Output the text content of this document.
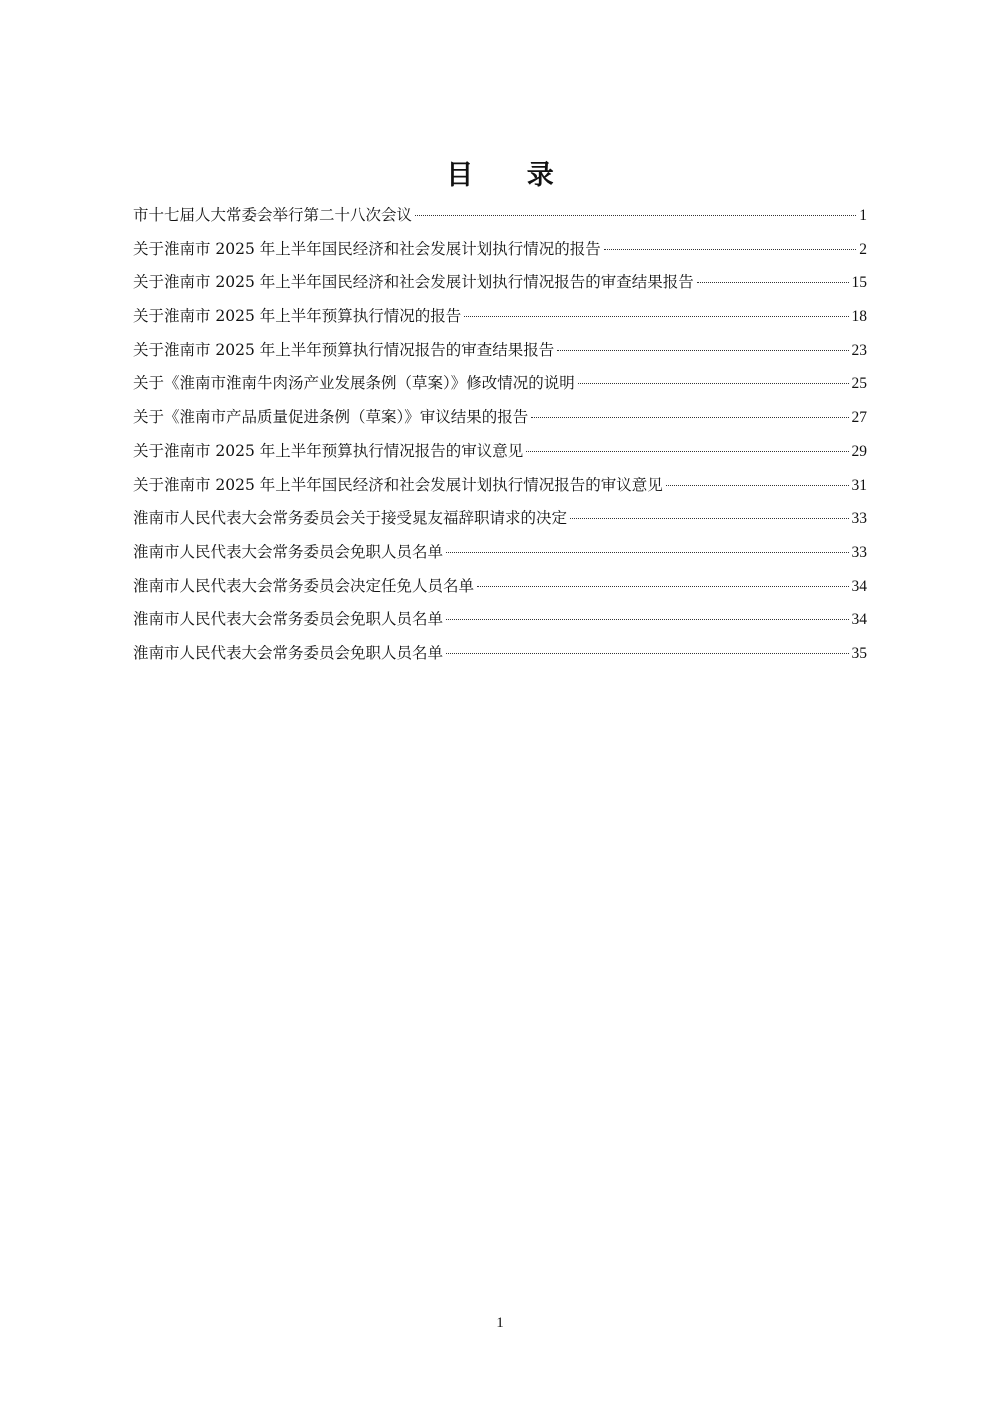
目 录
市十七届人大常委会举行第二十八次会议	1
关于淮南市 2025 年上半年国民经济和社会发展计划执行情况的报告	2
关于淮南市 2025 年上半年国民经济和社会发展计划执行情况报告的审查结果报告	15
关于淮南市 2025 年上半年预算执行情况的报告	18
关于淮南市 2025 年上半年预算执行情况报告的审查结果报告	23
关于《淮南市淮南牛肉汤产业发展条例（草案）》修改情况的说明	25
关于《淮南市产品质量促进条例（草案）》审议结果的报告	27
关于淮南市 2025 年上半年预算执行情况报告的审议意见	29
关于淮南市 2025 年上半年国民经济和社会发展计划执行情况报告的审议意见	31
淮南市人民代表大会常务委员会关于接受晁友福辞职请求的决定	33
淮南市人民代表大会常务委员会免职人员名单	33
淮南市人民代表大会常务委员会决定任免人员名单	34
淮南市人民代表大会常务委员会免职人员名单	34
淮南市人民代表大会常务委员会免职人员名单	35
1
